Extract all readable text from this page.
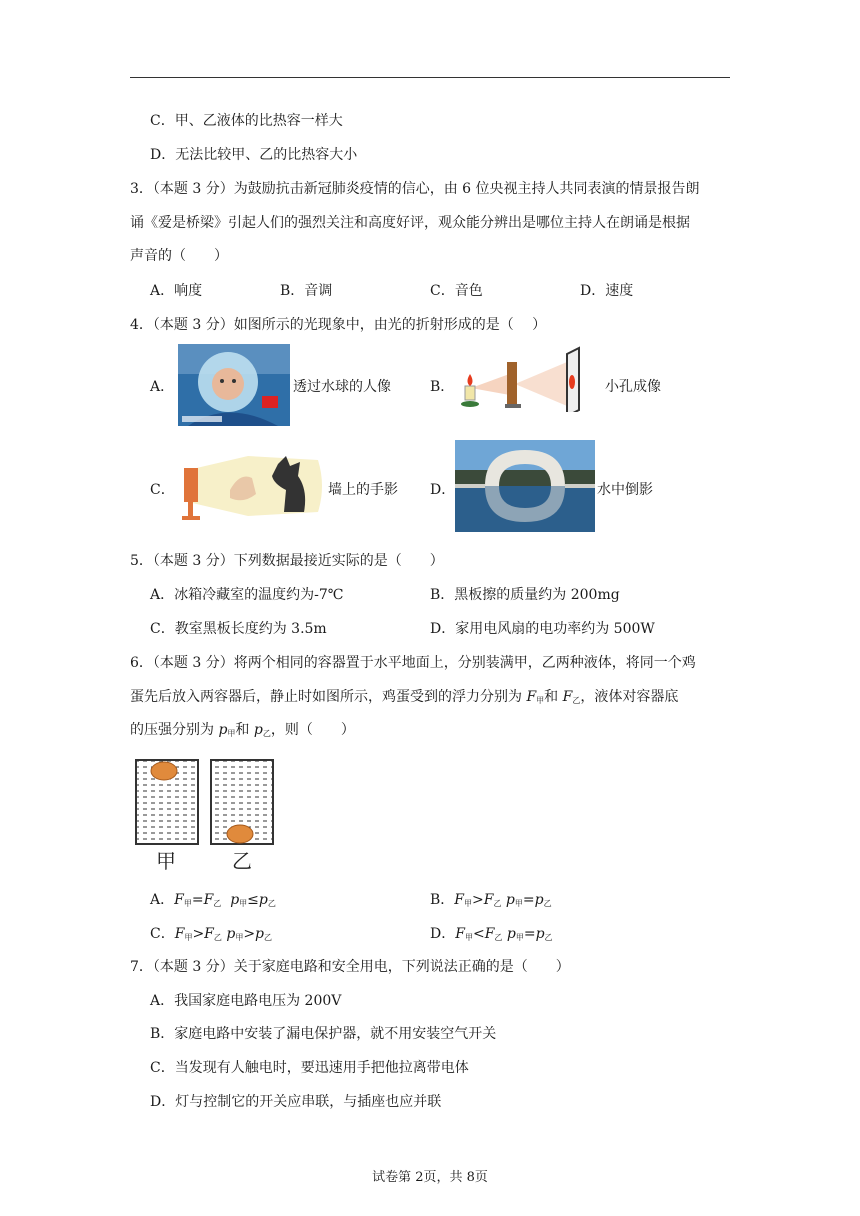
C．甲、乙液体的比热容一样大
D．无法比较甲、乙的比热容大小
3．（本题 3 分）为鼓励抗击新冠肺炎疫情的信心，由 6 位央视主持人共同表演的情景报告朗
诵《爱是桥梁》引起人们的强烈关注和高度好评，观众能分辨出是哪位主持人在朗诵是根据
声音的（　　）
A．响度	B．音调	C．音色	D．速度
4．（本题 3 分）如图所示的光现象中，由光的折射形成的是（　 ）
A．	透过水球的人像	B．	小孔成像
C．	墙上的手影 D．	水中倒影
5．（本题 3 分）下列数据最接近实际的是（　　）
A．冰箱冷藏室的温度约为-7℃	B．黑板擦的质量约为 200mg
C．教室黑板长度约为 3.5m	D．家用电风扇的电功率约为 500W
6．（本题 3 分）将两个相同的容器置于水平地面上，分别装满甲，乙两种液体，将同一个鸡
蛋先后放入两容器后，静止时如图所示，鸡蛋受到的浮力分别为 $F_甲$和 $F_乙$，液体对容器底
的压强分别为 $p_甲$和 $p_乙$，则（　　）
甲	乙
A．$F_甲=F_乙$ $p_甲\le p_乙$	B．$F_甲>F_乙$ $p_甲=p_乙$
C．$F_甲>F_乙$ $p_甲>p_乙$	D．$F_甲<F_乙$ $p_甲=p_乙$
7．（本题 3 分）关于家庭电路和安全用电，下列说法正确的是（　　）
A．我国家庭电路电压为 200V
B．家庭电路中安装了漏电保护器，就不用安装空气开关
C．当发现有人触电时，要迅速用手把他拉离带电体
D．灯与控制它的开关应串联，与插座也应并联
试卷第 2页，共 8页
